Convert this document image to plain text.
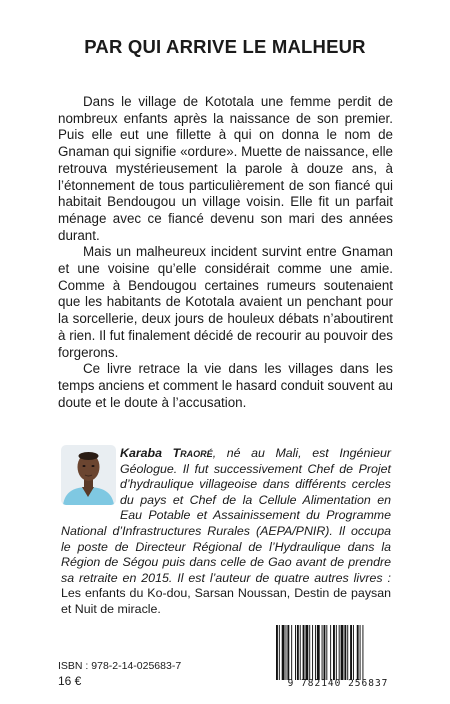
PAR QUI ARRIVE LE MALHEUR

Dans le village de Kototala une femme perdit de nombreux enfants après la naissance de son premier. Puis elle eut une fillette à qui on donna le nom de Gnaman qui signifie «ordure». Muette de naissance, elle retrouva mystérieusement la parole à douze ans, à l’étonnement de tous particulièrement de son fiancé qui habitait Bendougou un village voisin. Elle fit un parfait ménage avec ce fiancé devenu son mari des années durant.

Mais un malheureux incident survint entre Gnaman et une voisine qu’elle considérait comme une amie. Comme à Bendougou certaines rumeurs soutenaient que les habitants de Kototala avaient un penchant pour la sorcellerie, deux jours de houleux débats n’aboutirent à rien. Il fut finalement décidé de recourir au pouvoir des forgerons.

Ce livre retrace la vie dans les villages dans les temps anciens et comment le hasard conduit souvent au doute et le doute à l’accusation.

Karaba Traoré, né au Mali, est Ingénieur Géologue. Il fut successivement Chef de Projet d’hydraulique villageoise dans différents cercles du pays et Chef de la Cellule Alimentation en Eau Potable et Assainissement du Programme National d’Infrastructures Rurales (AEPA/PNIR). Il occupa le poste de Directeur Régional de l’Hydraulique dans la Région de Ségou puis dans celle de Gao avant de prendre sa retraite en 2015. Il est l’auteur de quatre autres livres : Les enfants du Ko-dou, Sarsan Noussan, Destin de paysan et Nuit de miracle.
9 782140 256837
ISBN : 978-2-14-025683-7
16 €
